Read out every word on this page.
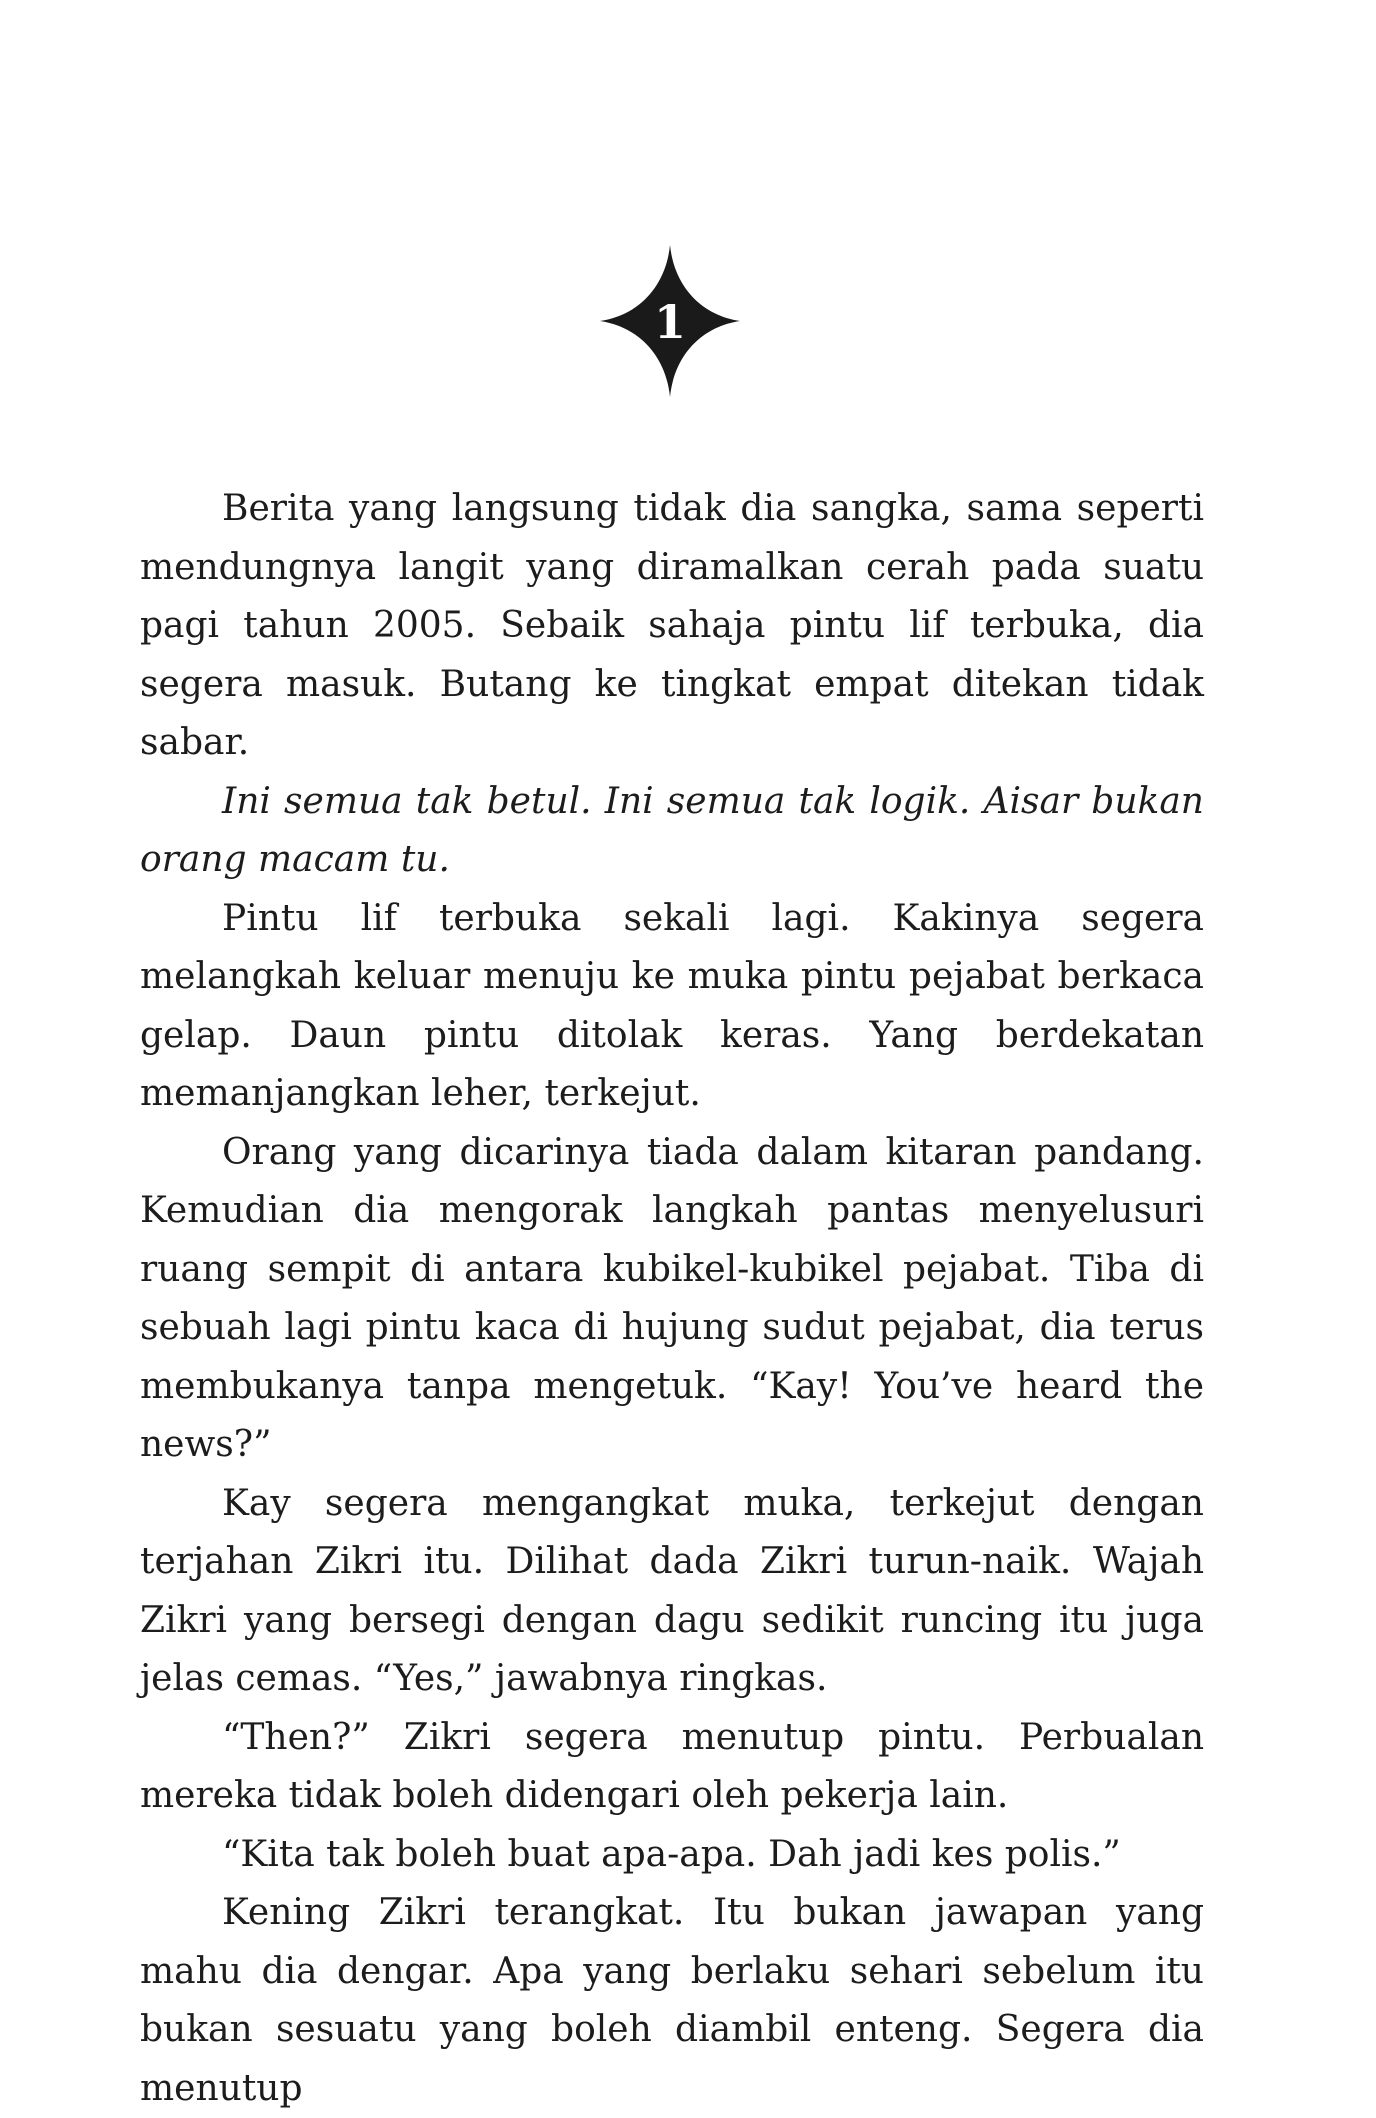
1

Berita yang langsung tidak dia sangka, sama seperti mendungnya langit yang diramalkan cerah pada suatu pagi tahun 2005. Sebaik sahaja pintu lif terbuka, dia segera masuk. Butang ke tingkat empat ditekan tidak sabar.

Ini semua tak betul. Ini semua tak logik. Aisar bukan orang macam tu.

Pintu lif terbuka sekali lagi. Kakinya segera melangkah keluar menuju ke muka pintu pejabat berkaca gelap. Daun pintu ditolak keras. Yang berdekatan memanjangkan leher, terkejut.

Orang yang dicarinya tiada dalam kitaran pandang. Kemudian dia mengorak langkah pantas menyelusuri ruang sempit di antara kubikel-kubikel pejabat. Tiba di sebuah lagi pintu kaca di hujung sudut pejabat, dia terus membukanya tanpa mengetuk. “Kay! You’ve heard the news?”

Kay segera mengangkat muka, terkejut dengan terjahan Zikri itu. Dilihat dada Zikri turun-naik. Wajah Zikri yang bersegi dengan dagu sedikit runcing itu juga jelas cemas. “Yes,” jawabnya ringkas.

“Then?” Zikri segera menutup pintu. Perbualan mereka tidak boleh didengari oleh pekerja lain.

“Kita tak boleh buat apa-apa. Dah jadi kes polis.”

Kening Zikri terangkat. Itu bukan jawapan yang mahu dia dengar. Apa yang berlaku sehari sebelum itu bukan sesuatu yang boleh diambil enteng. Segera dia menutup
